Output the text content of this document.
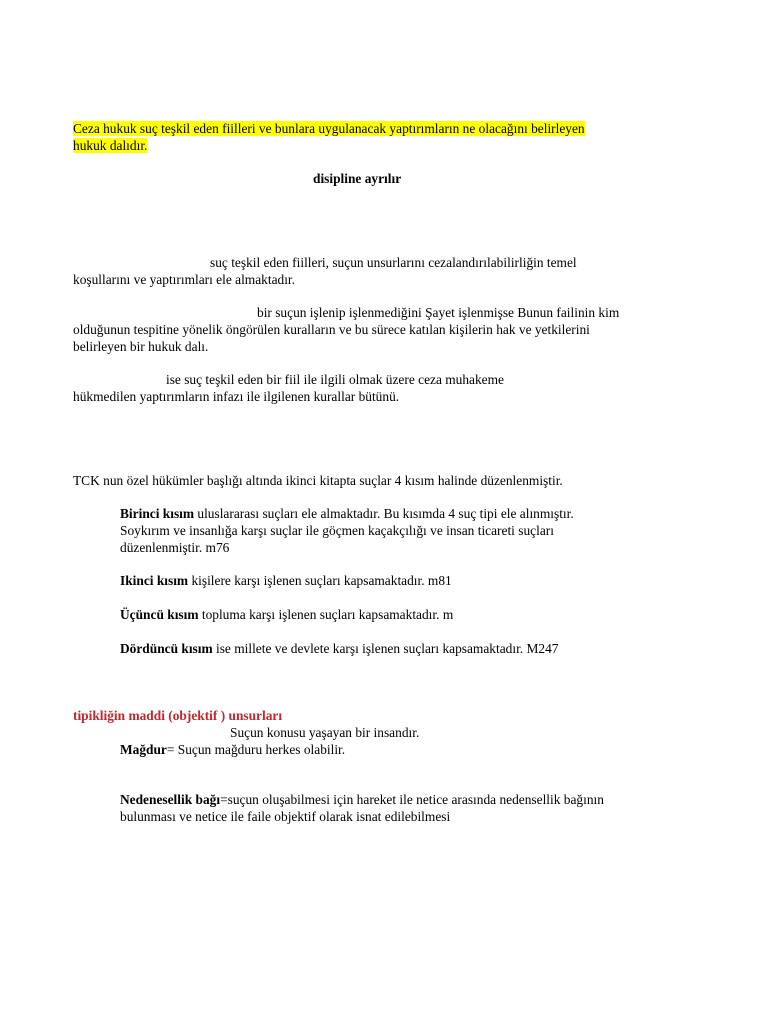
Ceza hukuk suç teşkil eden fiilleri ve bunlara uygulanacak yaptırımların ne olacağını belirleyen
hukuk dalıdır.
disipline ayrılır
suç teşkil eden fiilleri, suçun unsurlarını cezalandırılabilirliğin temel
koşullarını ve yaptırımları ele almaktadır.
bir suçun işlenip işlenmediğini Şayet işlenmişse Bunun failinin kim
olduğunun tespitine yönelik öngörülen kuralların ve bu sürece katılan kişilerin hak ve yetkilerini
belirleyen bir hukuk dalı.
ise suç teşkil eden bir fiil ile ilgili olmak üzere ceza muhakeme
hükmedilen yaptırımların infazı ile ilgilenen kurallar bütünü.
TCK nun özel hükümler başlığı altında ikinci kitapta suçlar 4 kısım halinde düzenlenmiştir.
Birinci kısım uluslararası suçları ele almaktadır. Bu kısımda 4 suç tipi ele alınmıştır.
Soykırım ve insanlığa karşı suçlar ile göçmen kaçakçılığı ve insan ticareti suçları
düzenlenmiştir. m76
Ikinci kısım kişilere karşı işlenen suçları kapsamaktadır. m81
Üçüncü kısım topluma karşı işlenen suçları kapsamaktadır. m
Dördüncü kısım ise millete ve devlete karşı işlenen suçları kapsamaktadır. M247
tipikliğin maddi (objektif ) unsurları
Suçun konusu yaşayan bir insandır.
Mağdur= Suçun mağduru herkes olabilir.
Nedenesellik bağı=suçun oluşabilmesi için hareket ile netice arasında nedensellik bağının
bulunması ve netice ile faile objektif olarak isnat edilebilmesi
